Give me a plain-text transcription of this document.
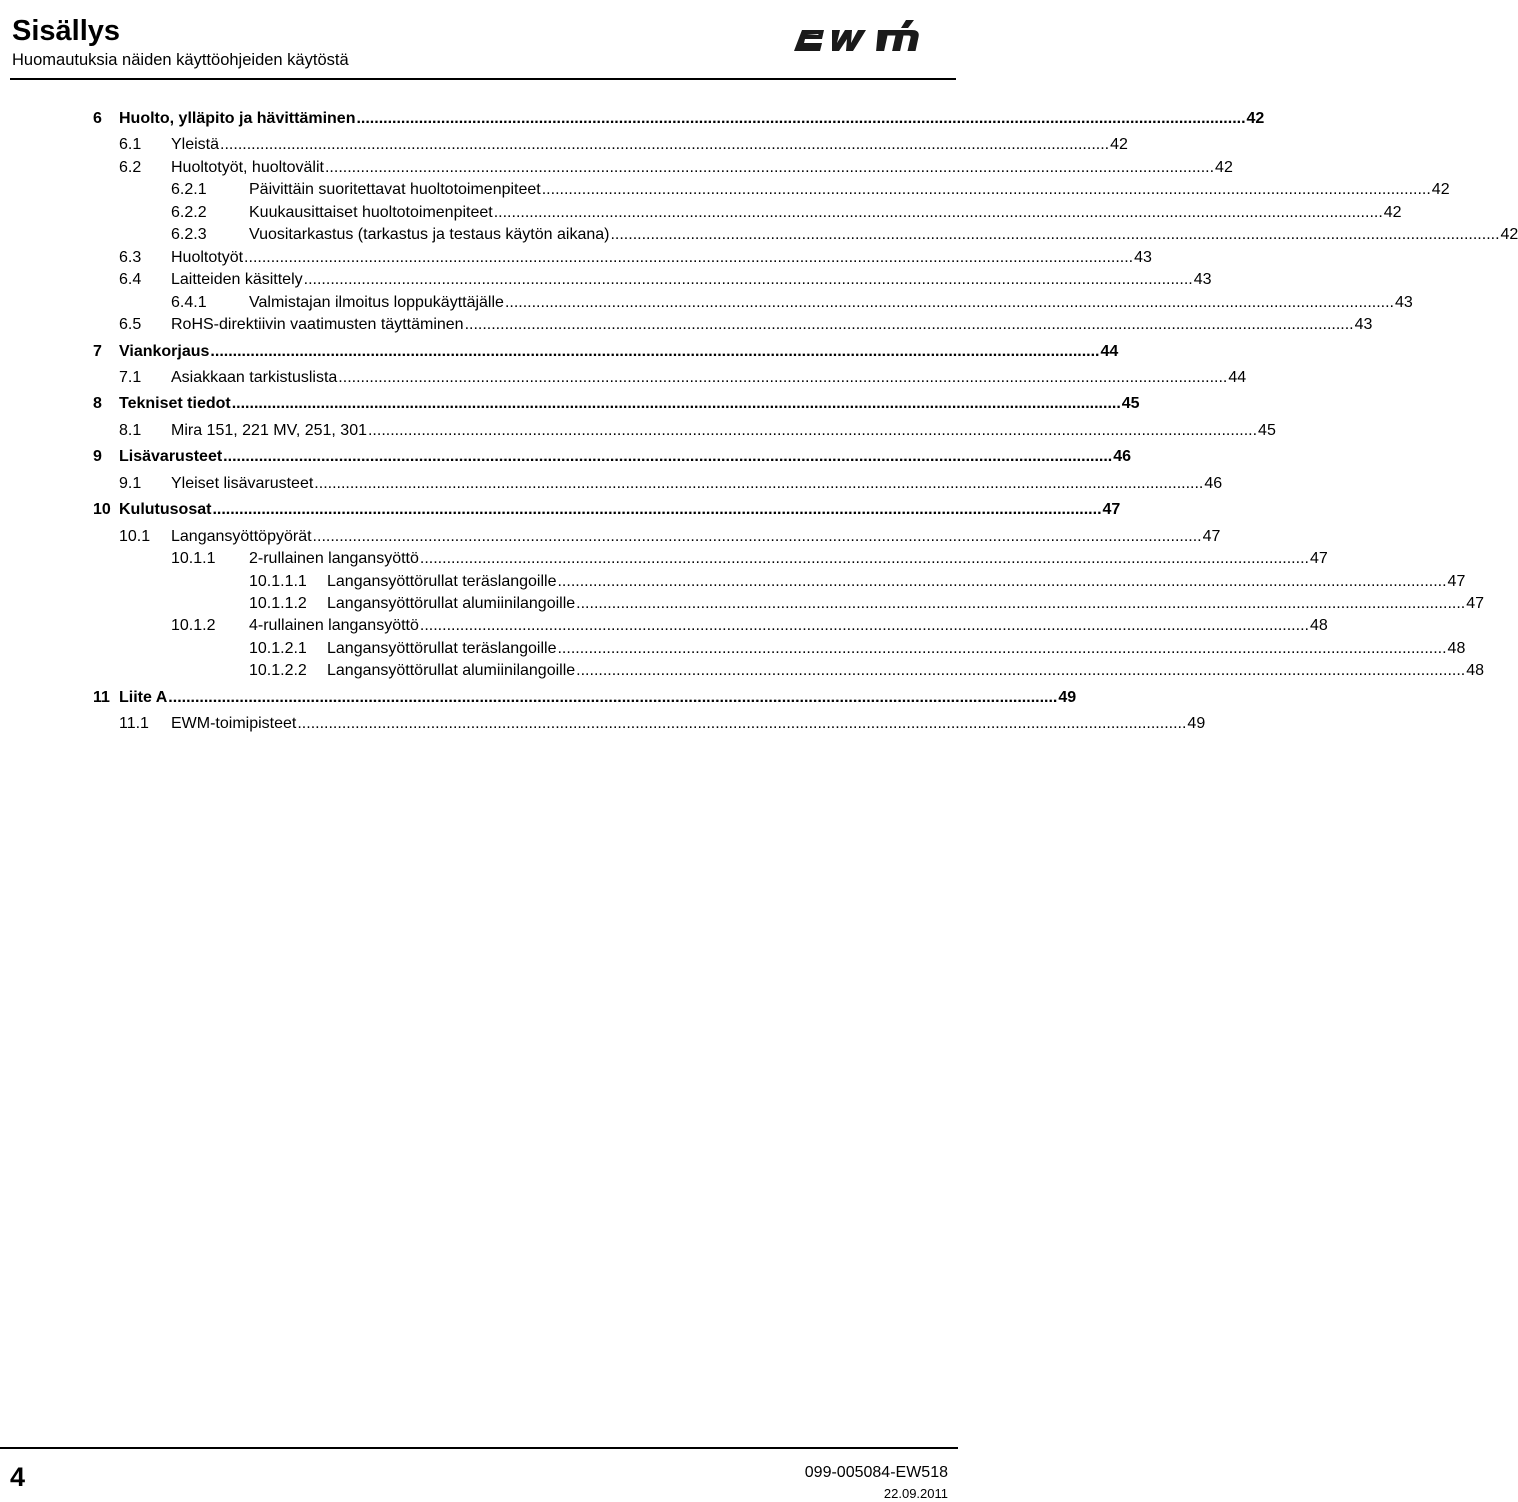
Sisällys
Huomautuksia näiden käyttöohjeiden käytöstä
6	Huolto, ylläpito ja hävittäminen ........................................................................................................................................................................................................ 42
6.1	Yleistä ........................................................................................................................................................................................................ 42
6.2	Huoltotyöt, huoltovälit ........................................................................................................................................................................................................ 42
6.2.1	Päivittäin suoritettavat huoltotoimenpiteet ........................................................................................................................................................................................................ 42
6.2.2	Kuukausittaiset huoltotoimenpiteet ........................................................................................................................................................................................................ 42
6.2.3	Vuositarkastus (tarkastus ja testaus käytön aikana) ........................................................................................................................................................................................................ 42
6.3	Huoltotyöt ........................................................................................................................................................................................................ 43
6.4	Laitteiden käsittely ........................................................................................................................................................................................................ 43
6.4.1	Valmistajan ilmoitus loppukäyttäjälle ........................................................................................................................................................................................................ 43
6.5	RoHS-direktiivin vaatimusten täyttäminen ........................................................................................................................................................................................................ 43
7	Viankorjaus ........................................................................................................................................................................................................ 44
7.1	Asiakkaan tarkistuslista ........................................................................................................................................................................................................ 44
8	Tekniset tiedot ........................................................................................................................................................................................................ 45
8.1	Mira 151, 221 MV, 251, 301 ........................................................................................................................................................................................................ 45
9	Lisävarusteet ........................................................................................................................................................................................................ 46
9.1	Yleiset lisävarusteet ........................................................................................................................................................................................................ 46
10 Kulutusosat ........................................................................................................................................................................................................ 47
10.1	Langansyöttöpyörät ........................................................................................................................................................................................................ 47
10.1.1	2-rullainen langansyöttö ........................................................................................................................................................................................................ 47
10.1.1.1	Langansyöttörullat teräslangoille ........................................................................................................................................................................................................ 47
10.1.1.2	Langansyöttörullat alumiinilangoille ........................................................................................................................................................................................................ 47
10.1.2	4-rullainen langansyöttö ........................................................................................................................................................................................................ 48
10.1.2.1	Langansyöttörullat teräslangoille ........................................................................................................................................................................................................ 48
10.1.2.2	Langansyöttörullat alumiinilangoille ........................................................................................................................................................................................................ 48
11 Liite A ........................................................................................................................................................................................................ 49
11.1	EWM-toimipisteet ........................................................................................................................................................................................................ 49
4	099-005084-EW518
22.09.2011
